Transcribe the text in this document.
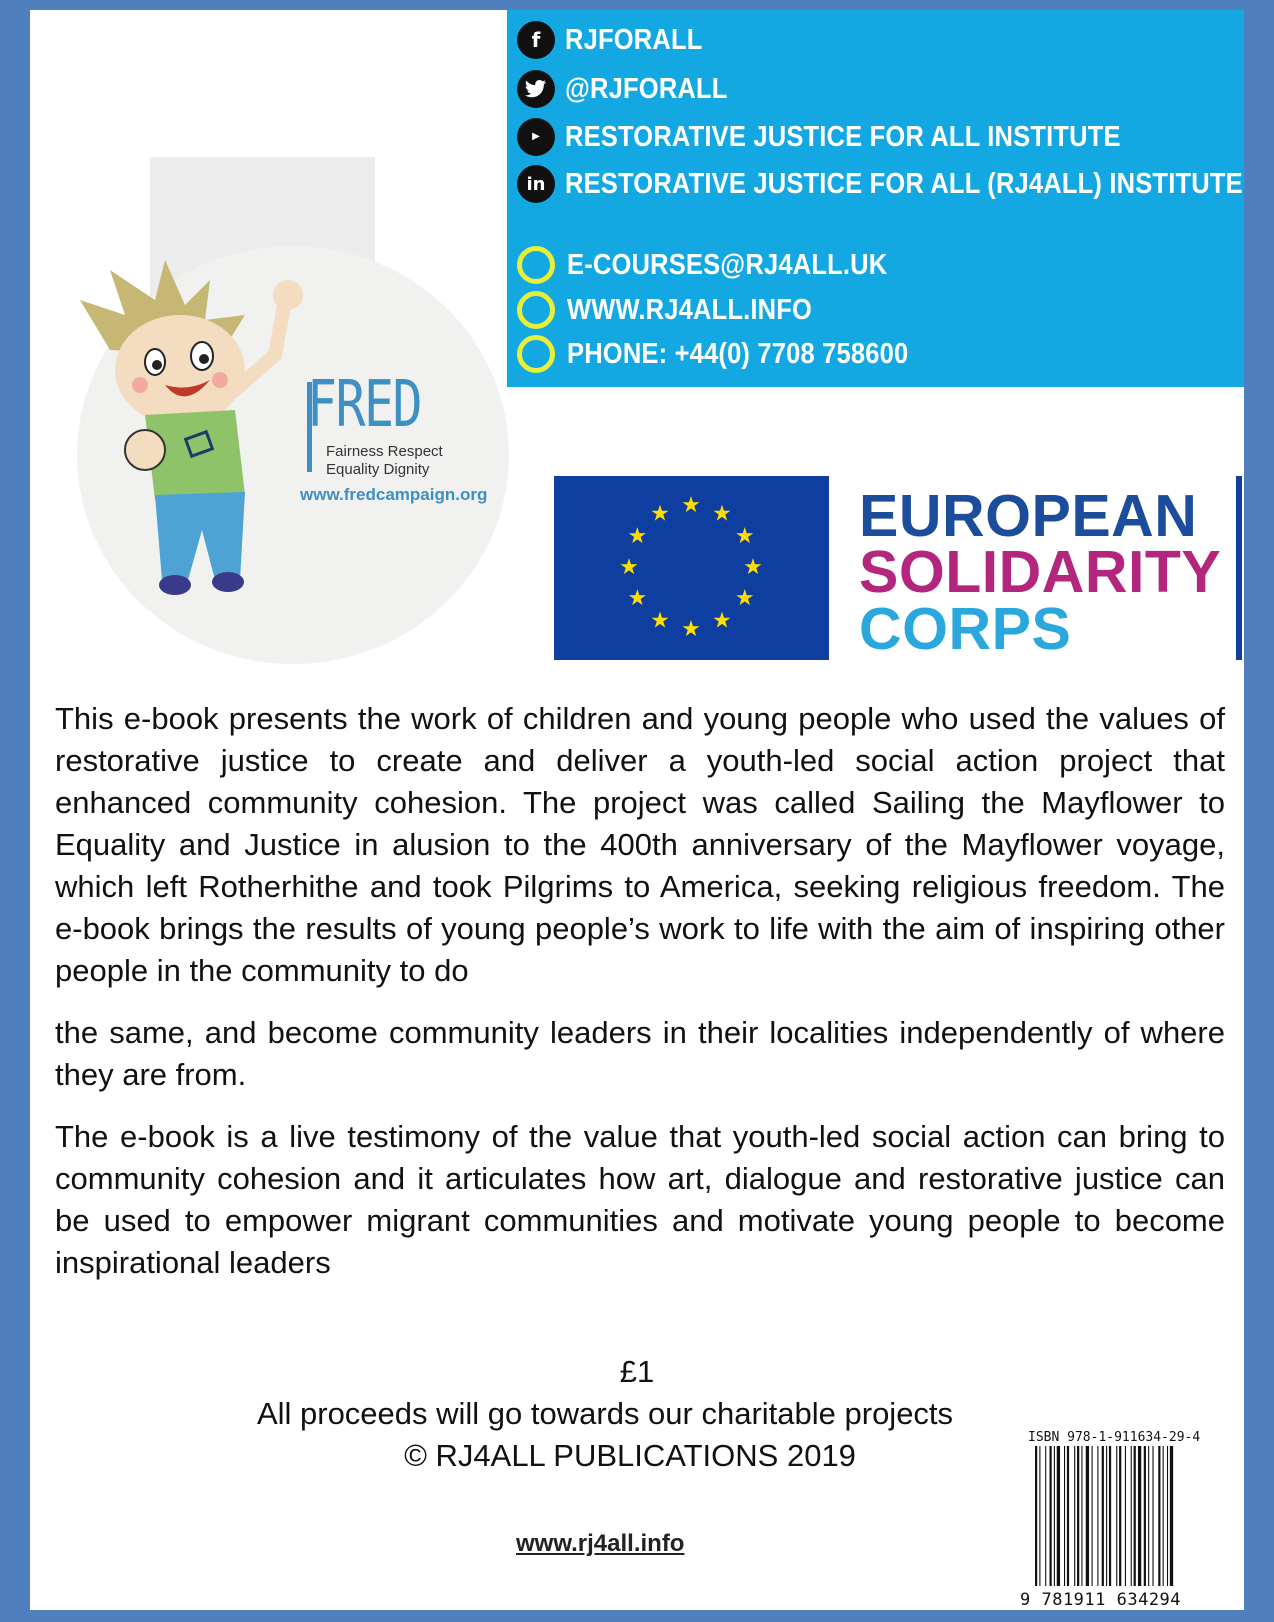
f RJFORALL
@RJFORALL
▶ RESTORATIVE JUSTICE FOR ALL INSTITUTE
in RESTORATIVE JUSTICE FOR ALL (RJ4ALL) INSTITUTE
E-COURSES@RJ4ALL.UK
WWW.RJ4ALL.INFO
PHONE: +44(0) 7708 758600
FRED
Fairness Respect
Equality Dignity
www.fredcampaign.org	★ ★
★
★
★
★
★
★
★
★
★
★	EUROPEAN
SOLIDARITY
CORPS
This e-book presents the work of children and young people who used the values of restorative justice to create and deliver a youth-led social action project that enhanced community cohesion. The project was called Sailing the Mayflower to Equality and Justice in alusion to the 400th anniversary of the Mayflower voyage, which left Rotherhithe and took Pilgrims to America, seeking religious freedom. The e-book brings the results of young people’s work to life with the aim of inspiring other people in the community to do
the same, and become community leaders in their localities independently of where they are from.
The e-book is a live testimony of the value that youth-led social action can bring to community cohesion and it articulates how art, dialogue and restorative justice can be used to empower migrant communities and motivate young people to become inspirational leaders
£1
All proceeds will go towards our charitable projects
© RJ4ALL PUBLICATIONS 2019
www.rj4all.info
ISBN 978-1-911634-29-4
9 781911 634294
